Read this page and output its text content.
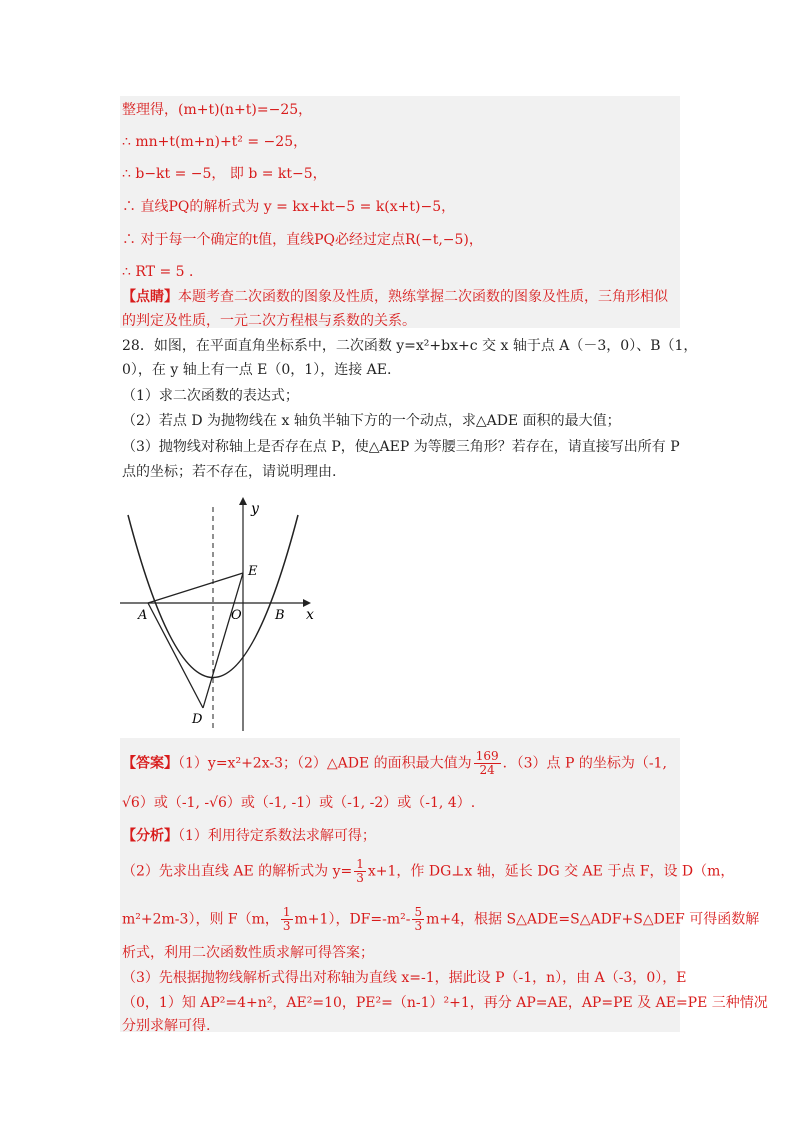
整理得，(m+t)(n+t)=−25，
∴ mn+t(m+n)+t² = −25，
∴ b−kt = −5， 即 b = kt−5，
∴ 直线PQ的解析式为 y = kx+kt−5 = k(x+t)−5，
∴ 对于每一个确定的t值，直线PQ必经过定点R(−t,−5)，
∴ RT = 5 ．
【点睛】本题考查二次函数的图象及性质，熟练掌握二次函数的图象及性质，三角形相似
的判定及性质，一元二次方程根与系数的关系。
28．如图，在平面直角坐标系中，二次函数 y=x²+bx+c 交 x 轴于点 A（－3，0）、B（1，
0），在 y 轴上有一点 E（0，1），连接 AE.
（1）求二次函数的表达式；
（2）若点 D 为抛物线在 x 轴负半轴下方的一个动点，求△ADE 面积的最大值；
（3）抛物线对称轴上是否存在点 P，使△AEP 为等腰三角形？若存在，请直接写出所有 P
点的坐标；若不存在，请说明理由.
y
x
A	O	B
E
D
【答案】（1）y=x²+2x-3；（2）△ADE 的面积最大值为 $\frac{169}{24}$ ．（3）点 P 的坐标为（-1,
√6）或（-1, -√6）或（-1, -1）或（-1, -2）或（-1, 4）.
【分析】（1）利用待定系数法求解可得；
（2）先求出直线 AE 的解析式为 $y= \frac{1}{3} x+1$，作 DG⊥x 轴，延长 DG 交 AE 于点 F，设 D（m，
m²+2m-3），则 F（m， $\frac{1}{3} m+1$），$DF=-m^2- \frac{5}{3} m+4$，根据 S△ADE=S△ADF+S△DEF 可得函数解
析式，利用二次函数性质求解可得答案；
（3）先根据抛物线解析式得出对称轴为直线 x=-1，据此设 P（-1，n），由 A（-3，0），E
（0，1）知 AP²=4+n²，AE²=10，PE²=（n-1）²+1，再分 AP=AE，AP=PE 及 AE=PE 三种情况
分别求解可得.
